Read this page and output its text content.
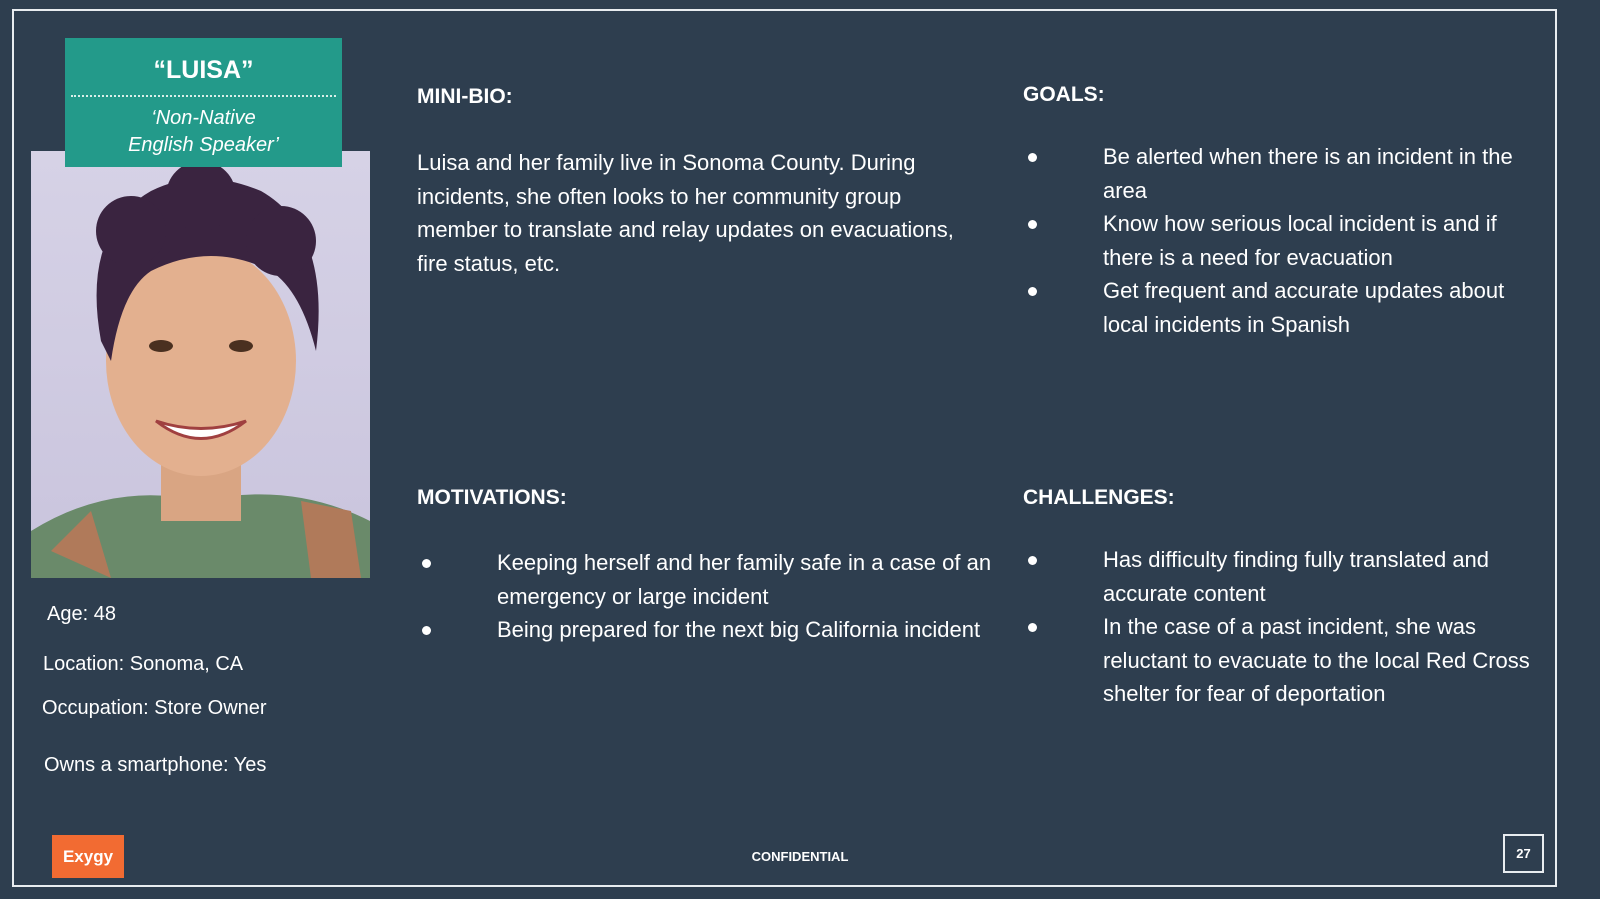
“LUISA”
‘Non-Native
English Speaker’
Age: 48
Location: Sonoma, CA
Occupation: Store Owner
Owns a smartphone: Yes
MINI-BIO:
Luisa and her family live in Sonoma County. During incidents, she often looks to her community group member to translate and relay updates on evacuations, fire status, etc.
GOALS:
Be alerted when there is an incident in the area
Know how serious local incident is and if there is a need for evacuation
Get frequent and accurate updates about local incidents in Spanish
MOTIVATIONS:
Keeping herself and her family safe in a case of an emergency or large incident
Being prepared for the next big California incident
CHALLENGES:
Has difficulty finding fully translated and accurate content
In the case of a past incident, she was reluctant to evacuate to the local Red Cross shelter for fear of deportation
Exygy	CONFIDENTIAL	27
